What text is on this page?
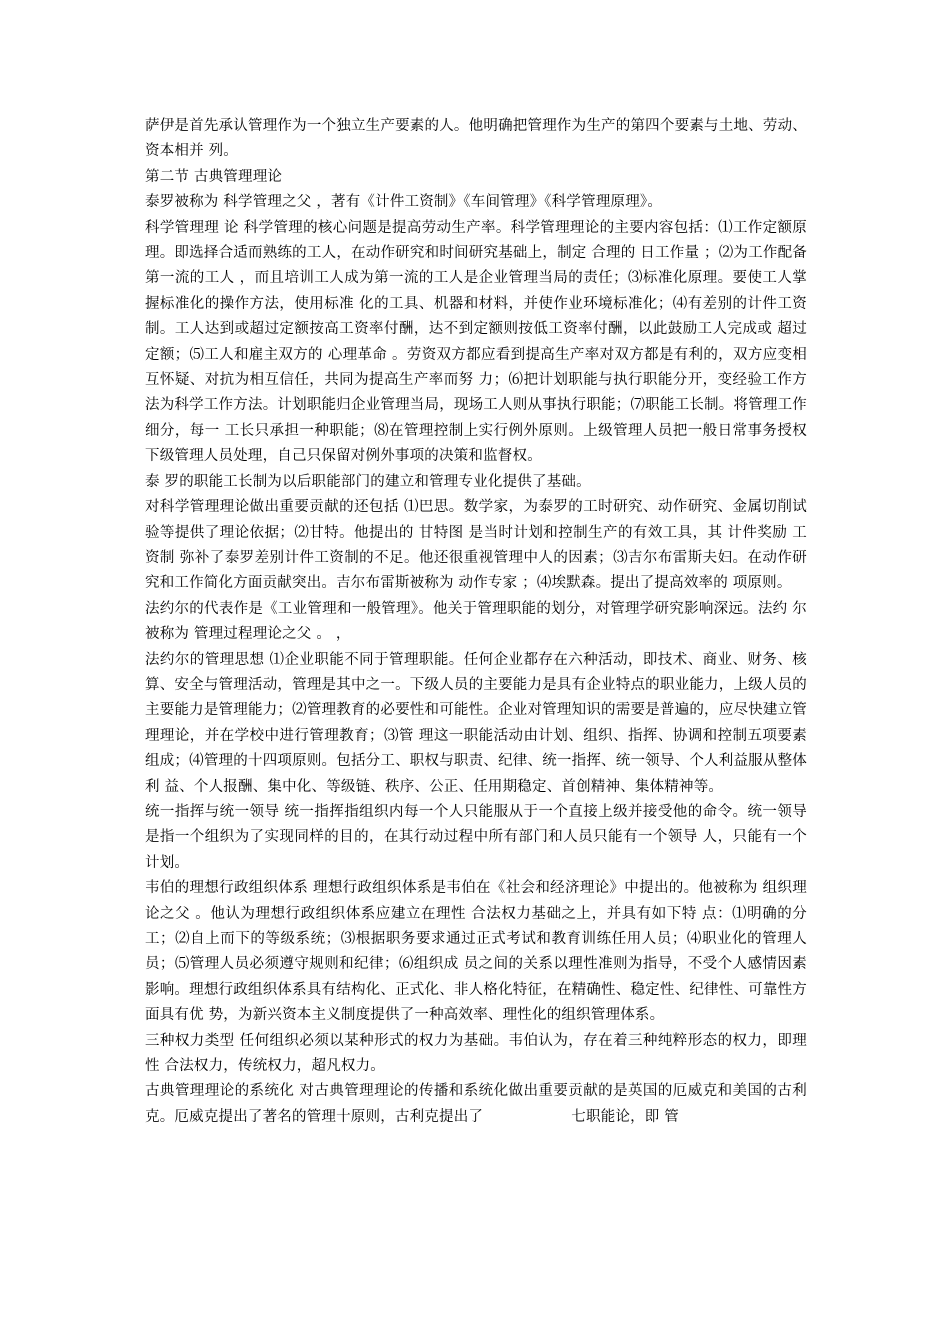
萨伊是首先承认管理作为一个独立生产要素的人。他明确把管理作为生产的第四个要素与土地、劳动、资本相并 列。

第二节 古典管理理论

泰罗被称为 科学管理之父 ，著有《计件工资制》《车间管理》《科学管理原理》。

科学管理理 论 科学管理的核心问题是提高劳动生产率。科学管理理论的主要内容包括：⑴工作定额原理。即选择合适而熟练的工人，在动作研究和时间研究基础上，制定 合理的 日工作量 ；⑵为工作配备 第一流的工人 ，而且培训工人成为第一流的工人是企业管理当局的责任；⑶标准化原理。要使工人掌握标准化的操作方法，使用标准 化的工具、机器和材料，并使作业环境标准化；⑷有差别的计件工资制。工人达到或超过定额按高工资率付酬，达不到定额则按低工资率付酬，以此鼓励工人完成或 超过定额；⑸工人和雇主双方的 心理革命 。劳资双方都应看到提高生产率对双方都是有利的，双方应变相互怀疑、对抗为相互信任，共同为提高生产率而努 力；⑹把计划职能与执行职能分开，变经验工作方法为科学工作方法。计划职能归企业管理当局，现场工人则从事执行职能；⑺职能工长制。将管理工作细分，每一 工长只承担一种职能；⑻在管理控制上实行例外原则。上级管理人员把一般日常事务授权下级管理人员处理，自己只保留对例外事项的决策和监督权。

泰 罗的职能工长制为以后职能部门的建立和管理专业化提供了基础。

对科学管理理论做出重要贡献的还包括 ⑴巴思。数学家，为泰罗的工时研究、动作研究、金属切削试验等提供了理论依据；⑵甘特。他提出的 甘特图 是当时计划和控制生产的有效工具，其 计件奖励 工资制 弥补了泰罗差别计件工资制的不足。他还很重视管理中人的因素；⑶吉尔布雷斯夫妇。在动作研究和工作简化方面贡献突出。吉尔布雷斯被称为 动作专家 ；⑷埃默森。提出了提高效率的 项原则。

法约尔的代表作是《工业管理和一般管理》。他关于管理职能的划分，对管理学研究影响深远。法约 尔被称为 管理过程理论之父 。 ，

法约尔的管理思想 ⑴企业职能不同于管理职能。任何企业都存在六种活动，即技术、商业、财务、核算、安全与管理活动，管理是其中之一。下级人员的主要能力是具有企业特点的职业能力，上级人员的主要能力是管理能力；⑵管理教育的必要性和可能性。企业对管理知识的需要是普遍的，应尽快建立管理理论，并在学校中进行管理教育；⑶管 理这一职能活动由计划、组织、指挥、协调和控制五项要素组成；⑷管理的十四项原则。包括分工、职权与职责、纪律、统一指挥、统一领导、个人利益服从整体利 益、个人报酬、集中化、等级链、秩序、公正、任用期稳定、首创精神、集体精神等。

统一指挥与统一领导 统一指挥指组织内每一个人只能服从于一个直接上级并接受他的命令。统一领导是指一个组织为了实现同样的目的，在其行动过程中所有部门和人员只能有一个领导 人，只能有一个计划。

韦伯的理想行政组织体系 理想行政组织体系是韦伯在《社会和经济理论》中提出的。他被称为 组织理论之父 。他认为理想行政组织体系应建立在理性 合法权力基础之上，并具有如下特 点：⑴明确的分工；⑵自上而下的等级系统；⑶根据职务要求通过正式考试和教育训练任用人员；⑷职业化的管理人员；⑸管理人员必须遵守规则和纪律；⑹组织成 员之间的关系以理性准则为指导，不受个人感情因素影响。理想行政组织体系具有结构化、正式化、非人格化特征，在精确性、稳定性、纪律性、可靠性方面具有优 势，为新兴资本主义制度提供了一种高效率、理性化的组织管理体系。

三种权力类型 任何组织必须以某种形式的权力为基础。韦伯认为，存在着三种纯粹形态的权力，即理性 合法权力，传统权力，超凡权力。

古典管理理论的系统化 对古典管理理论的传播和系统化做出重要贡献的是英国的厄威克和美国的古利克。厄威克提出了著名的管理十原则，古利克提出了　　　　　　七职能论，即 管
